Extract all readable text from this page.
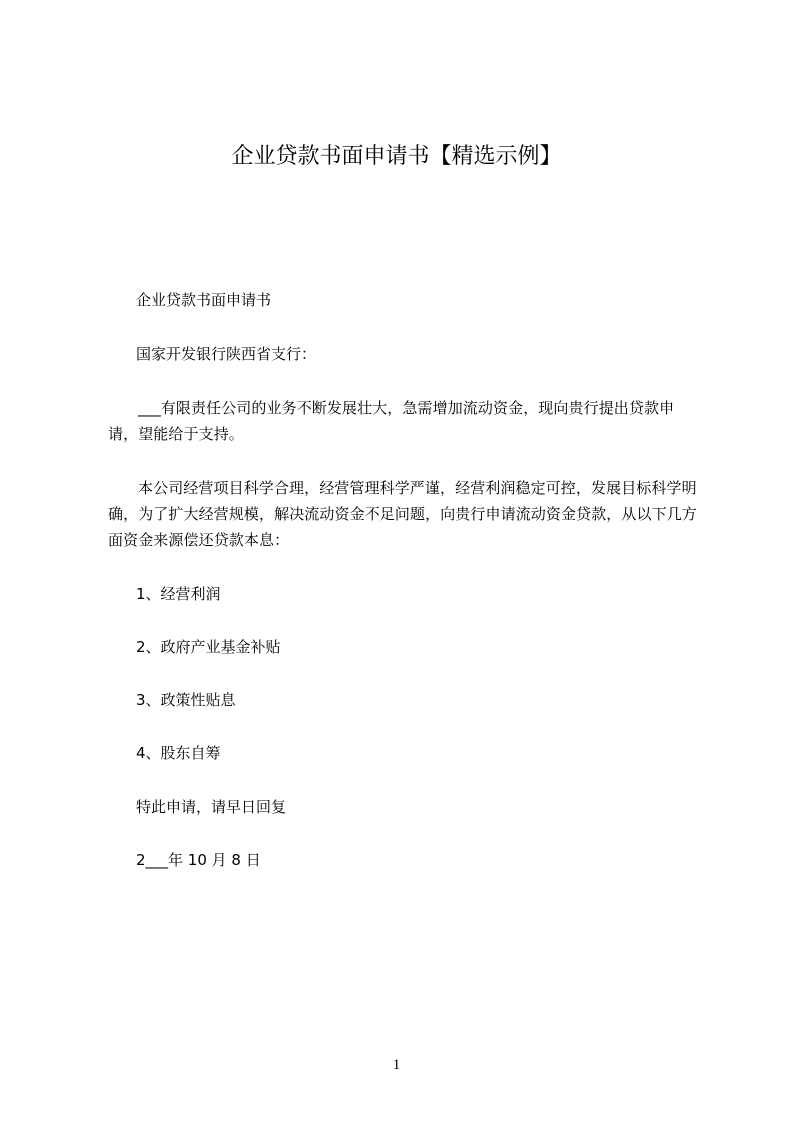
企业贷款书面申请书【精选示例】
企业贷款书面申请书
国家开发银行陕西省支行：
___有限责任公司的业务不断发展壮大，急需增加流动资金，现向贵行提出贷款申请，望能给于支持。
本公司经营项目科学合理，经营管理科学严谨，经营利润稳定可控，发展目标科学明确，为了扩大经营规模，解决流动资金不足问题，向贵行申请流动资金贷款，从以下几方面资金来源偿还贷款本息：
1、经营利润
2、政府产业基金补贴
3、政策性贴息
4、股东自筹
特此申请，请早日回复
2___年 10 月 8 日
1
